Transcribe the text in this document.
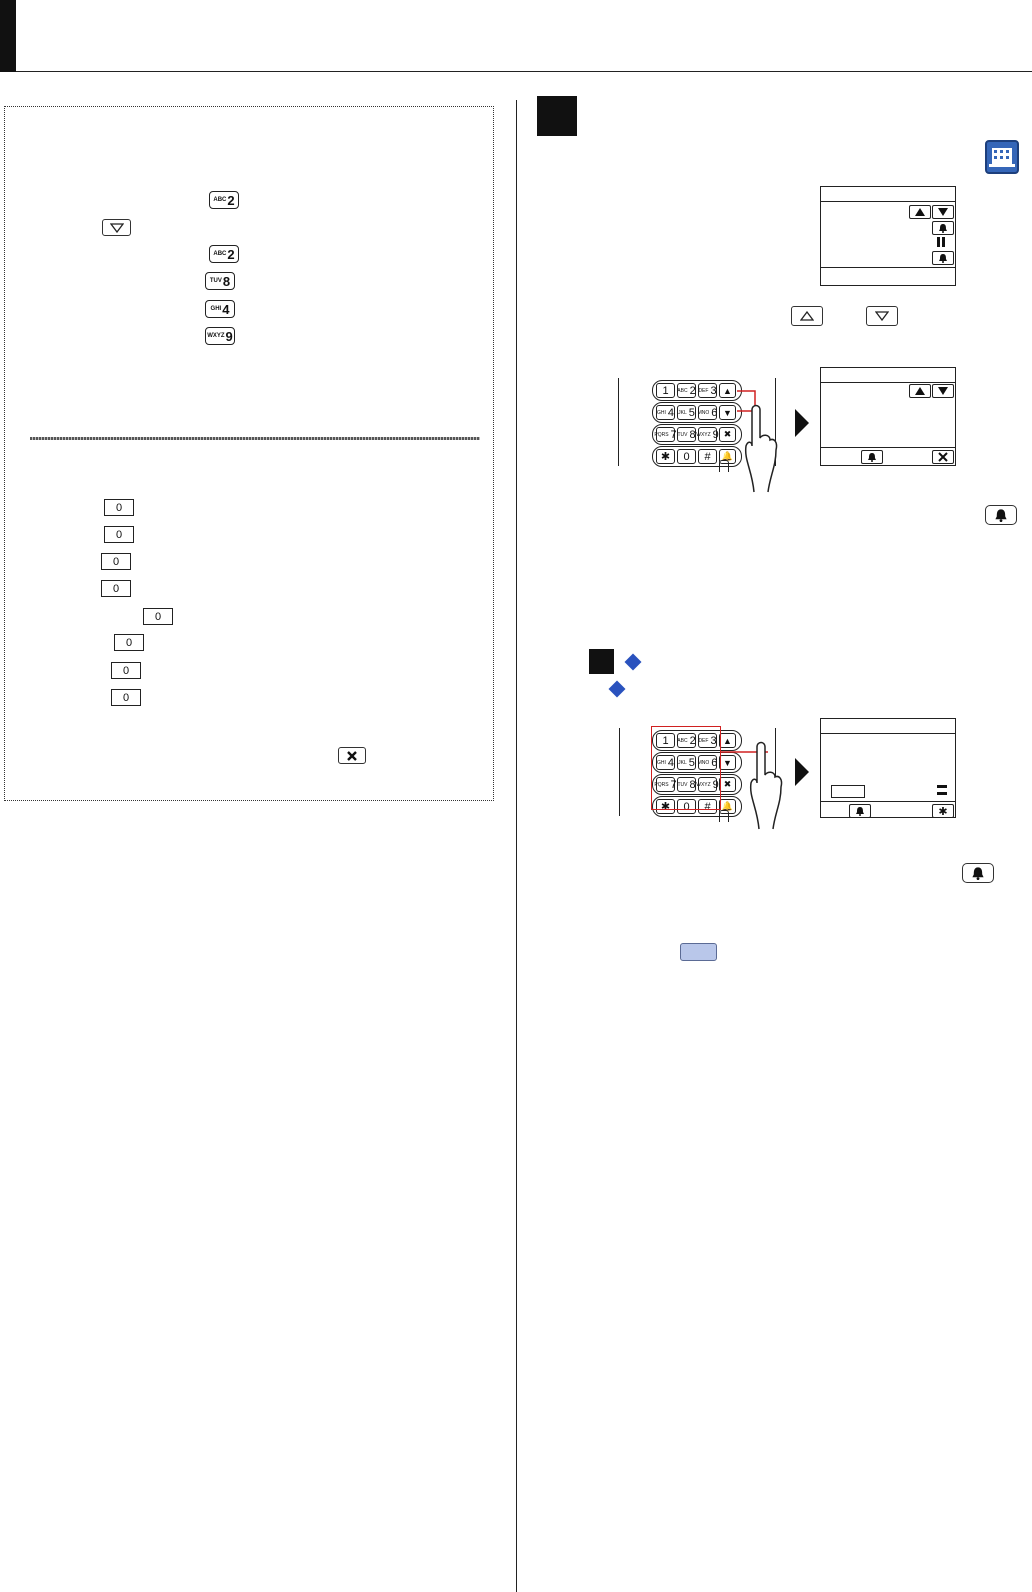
ABC 2
ABC 2
TUV 8
GHI 4
WXYZ 9
0
0
0
0
0
0
0
0
1 ABC 2 DEF 3 ▲
GHI 4 JKL 5 MNO 6 ▼
PQRS 7 TUV 8 WXYZ 9 ✖
✱ 0 # 🔔
1 ABC 2 DEF 3 ▲
GHI 4 JKL 5 MNO 6 ▼
PQRS 7 TUV 8 WXYZ 9 ✖
✱ 0 # 🔔	✱
